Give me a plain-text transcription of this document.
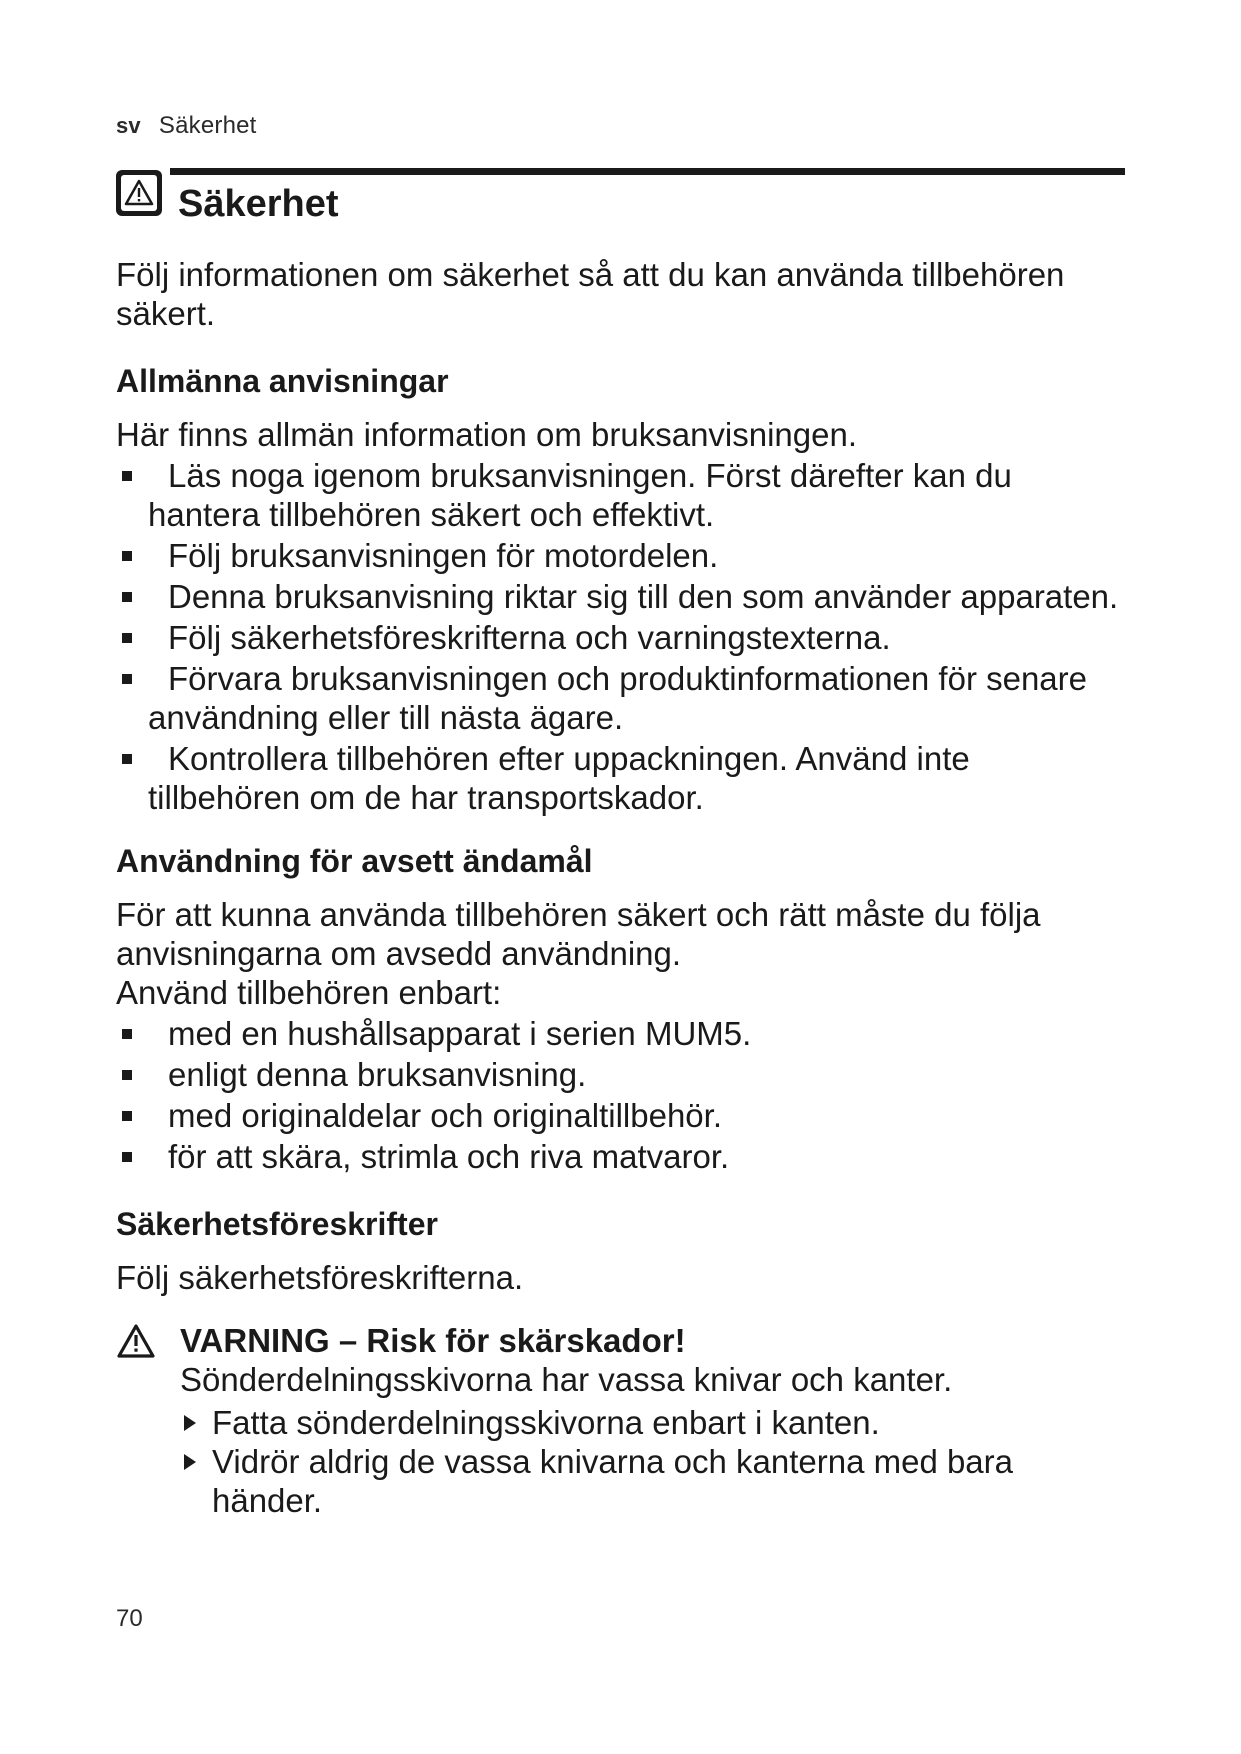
sv Säkerhet
Säkerhet

Följ informationen om säkerhet så att du kan använda tillbehören säkert.

Allmänna anvisningar

Här finns allmän information om bruksanvisningen.

Läs noga igenom bruksanvisningen. Först därefter kan du hantera tillbehören säkert och effektivt.
Följ bruksanvisningen för motordelen.
Denna bruksanvisning riktar sig till den som använder apparaten.
Följ säkerhetsföreskrifterna och varningstexterna.
Förvara bruksanvisningen och produktinformationen för senare användning eller till nästa ägare.
Kontrollera tillbehören efter uppackningen. Använd inte tillbehören om de har transportskador.
Användning för avsett ändamål

För att kunna använda tillbehören säkert och rätt måste du följa anvisningarna om avsedd användning.

Använd tillbehören enbart:

med en hushållsapparat i serien MUM5.
enligt denna bruksanvisning.
med originaldelar och originaltillbehör.
för att skära, strimla och riva matvaror.
Säkerhetsföreskrifter

Följ säkerhetsföreskrifterna.

VARNING – Risk för skärskador!

Sönderdelningsskivorna har vassa knivar och kanter.

Fatta sönderdelningsskivorna enbart i kanten.
Vidrör aldrig de vassa knivarna och kanterna med bara händer.
70
